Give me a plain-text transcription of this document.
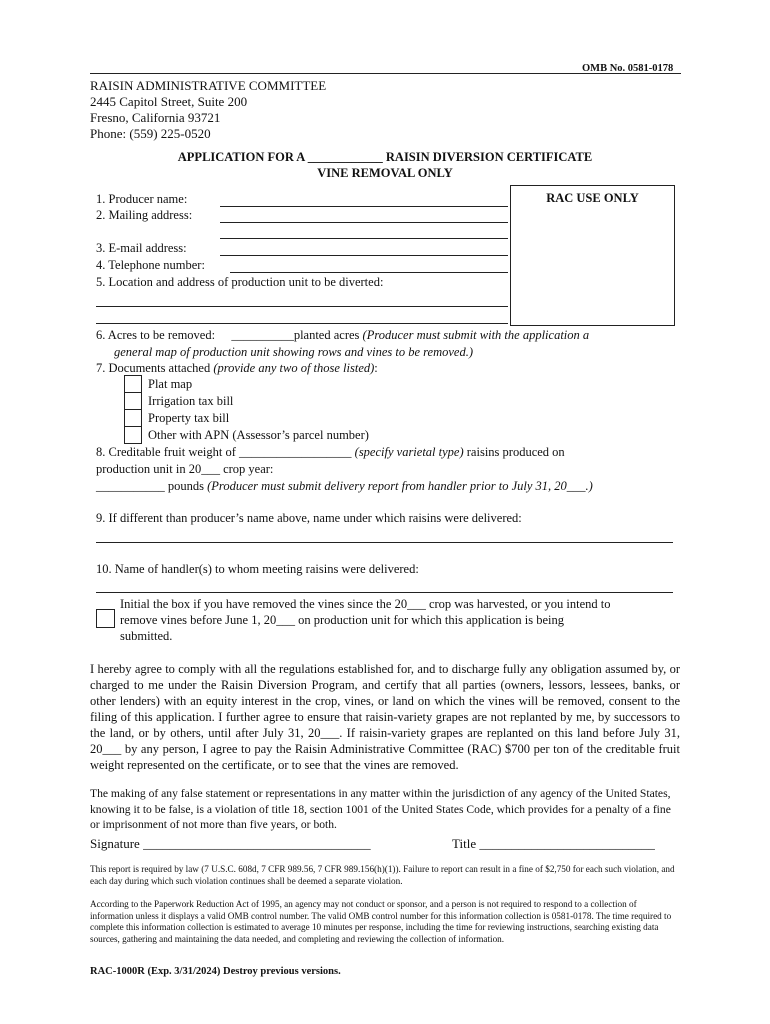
OMB No. 0581-0178
RAISIN ADMINISTRATIVE COMMITTEE
2445 Capitol Street, Suite 200
Fresno, California 93721
Phone: (559) 225-0520
APPLICATION FOR A ____________ RAISIN DIVERSION CERTIFICATE
VINE REMOVAL ONLY
RAC USE ONLY
1. Producer name:
2. Mailing address:
3. E-mail address:
4. Telephone number:
5. Location and address of production unit to be diverted:
6. Acres to be removed: __________planted acres (Producer must submit with the application a
general map of production unit showing rows and vines to be removed.)
7. Documents attached (provide any two of those listed):
Plat map
Irrigation tax bill
Property tax bill
Other with APN (Assessor’s parcel number)
8. Creditable fruit weight of __________________ (specify varietal type) raisins produced on
production unit in 20___ crop year:
___________ pounds (Producer must submit delivery report from handler prior to July 31, 20___.)
9. If different than producer’s name above, name under which raisins were delivered:
10. Name of handler(s) to whom meeting raisins were delivered:
Initial the box if you have removed the vines since the 20___ crop was harvested, or you intend to
remove vines before June 1, 20___ on production unit for which this application is being
submitted.
I hereby agree to comply with all the regulations established for, and to discharge fully any obligation assumed by, or charged to me under the Raisin Diversion Program, and certify that all parties (owners, lessors, lessees, banks, or other lenders) with an equity interest in the crop, vines, or land on which the vines will be removed, consent to the filing of this application. I further agree to ensure that raisin-variety grapes are not replanted by me, by successors to the land, or by others, until after July 31, 20___. If raisin-variety grapes are replanted on this land before July 31, 20___ by any person, I agree to pay the Raisin Administrative Committee (RAC) $700 per ton of the creditable fruit weight represented on the certificate, or to see that the vines are removed.
The making of any false statement or representations in any matter within the jurisdiction of any agency of the United States, knowing it to be false, is a violation of title 18, section 1001 of the United States Code, which provides for a penalty of a fine or imprisonment of not more than five years, or both.
Signature ___________________________________	Title ___________________________
This report is required by law (7 U.S.C. 608d, 7 CFR 989.56, 7 CFR 989.156(h)(1)). Failure to report can result in a fine of $2,750 for each such violation, and each day during which such violation continues shall be deemed a separate violation.
According to the Paperwork Reduction Act of 1995, an agency may not conduct or sponsor, and a person is not required to respond to a collection of information unless it displays a valid OMB control number. The valid OMB control number for this information collection is 0581-0178. The time required to complete this information collection is estimated to average 10 minutes per response, including the time for reviewing instructions, searching existing data sources, gathering and maintaining the data needed, and completing and reviewing the collection of information.
RAC-1000R (Exp. 3/31/2024) Destroy previous versions.
